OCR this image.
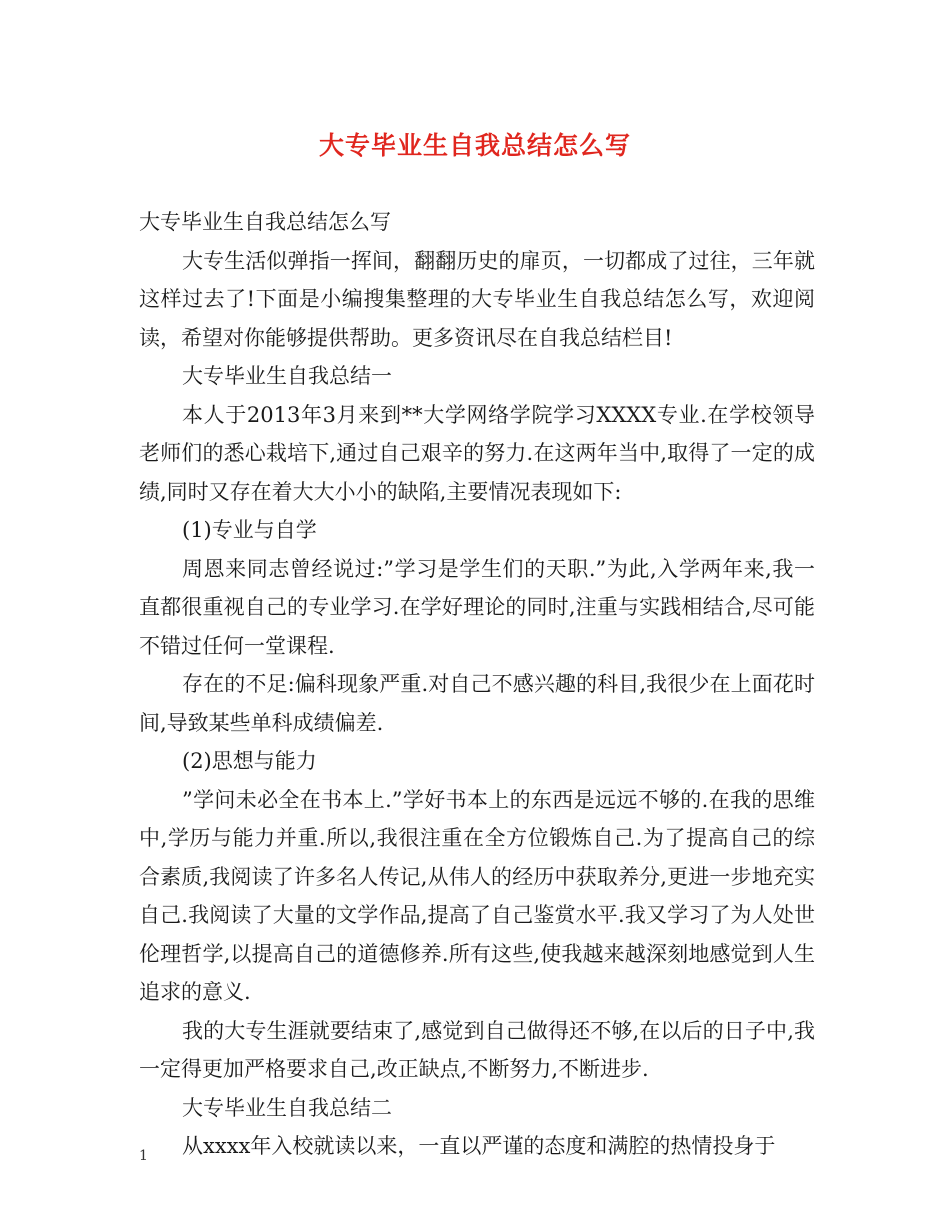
大专毕业生自我总结怎么写

大专毕业生自我总结怎么写

大专生活似弹指一挥间，翻翻历史的扉页，一切都成了过往，三年就这样过去了!下面是小编搜集整理的大专毕业生自我总结怎么写，欢迎阅读，希望对你能够提供帮助。更多资讯尽在自我总结栏目!

大专毕业生自我总结一

本人于2013年3月来到**大学网络学院学习XXXX专业.在学校领导老师们的悉心栽培下,通过自己艰辛的努力.在这两年当中,取得了一定的成绩,同时又存在着大大小小的缺陷,主要情况表现如下:

(1)专业与自学

周恩来同志曾经说过:”学习是学生们的天职.”为此,入学两年来,我一直都很重视自己的专业学习.在学好理论的同时,注重与实践相结合,尽可能不错过任何一堂课程.

存在的不足:偏科现象严重.对自己不感兴趣的科目,我很少在上面花时间,导致某些单科成绩偏差.

(2)思想与能力

”学问未必全在书本上.”学好书本上的东西是远远不够的.在我的思维中,学历与能力并重.所以,我很注重在全方位锻炼自己.为了提高自己的综合素质,我阅读了许多名人传记,从伟人的经历中获取养分,更进一步地充实自己.我阅读了大量的文学作品,提高了自己鉴赏水平.我又学习了为人处世伦理哲学,以提高自己的道德修养.所有这些,使我越来越深刻地感觉到人生追求的意义.

我的大专生涯就要结束了,感觉到自己做得还不够,在以后的日子中,我一定得更加严格要求自己,改正缺点,不断努力,不断进步.

大专毕业生自我总结二

从xxxx年入校就读以来，一直以严谨的态度和满腔的热情投身于

1
